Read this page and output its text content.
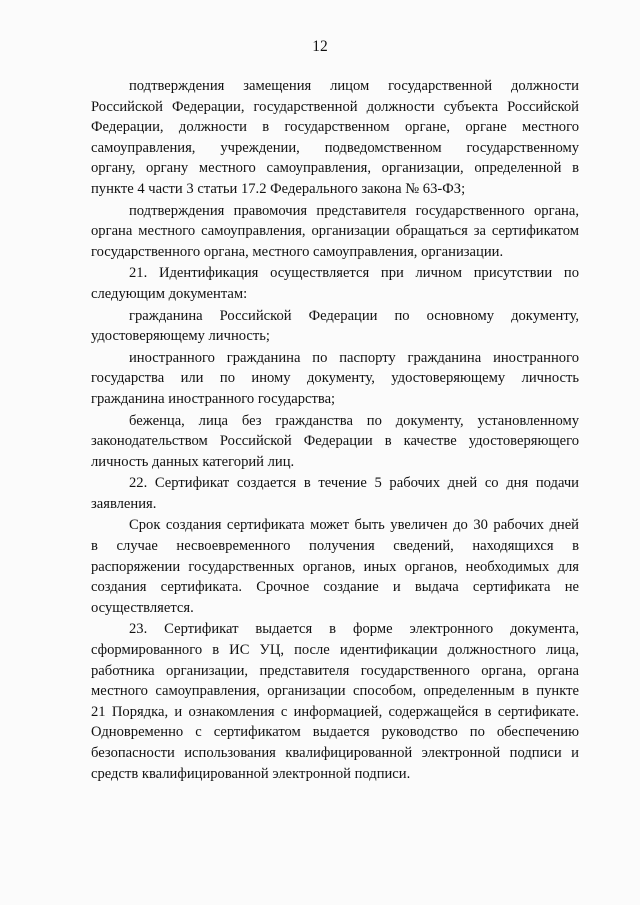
12
подтверждения замещения лицом государственной должности
Российской Федерации, государственной должности субъекта Российской
Федерации, должности в государственном органе, органе местного
самоуправления, учреждении, подведомственном государственному
органу, органу местного самоуправления, организации, определенной в
пункте 4 части 3 статьи 17.2 Федерального закона № 63-ФЗ;
подтверждения правомочия представителя государственного органа,
органа местного самоуправления, организации обращаться за сертификатом
государственного органа, местного самоуправления, организации.
21. Идентификация осуществляется при личном присутствии по
следующим документам:
гражданина Российской Федерации по основному документу,
удостоверяющему личность;
иностранного гражданина по паспорту гражданина иностранного
государства или по иному документу, удостоверяющему личность
гражданина иностранного государства;
беженца, лица без гражданства по документу, установленному
законодательством Российской Федерации в качестве удостоверяющего
личность данных категорий лиц.
22. Сертификат создается в течение 5 рабочих дней со дня подачи
заявления.
Срок создания сертификата может быть увеличен до 30 рабочих дней
в случае несвоевременного получения сведений, находящихся в
распоряжении государственных органов, иных органов, необходимых для
создания сертификата. Срочное создание и выдача сертификата не
осуществляется.
23. Сертификат выдается в форме электронного документа,
сформированного в ИС УЦ, после идентификации должностного лица,
работника организации, представителя государственного органа, органа
местного самоуправления, организации способом, определенным в пункте
21 Порядка, и ознакомления с информацией, содержащейся в сертификате.
Одновременно с сертификатом выдается руководство по обеспечению
безопасности использования квалифицированной электронной подписи и
средств квалифицированной электронной подписи.
